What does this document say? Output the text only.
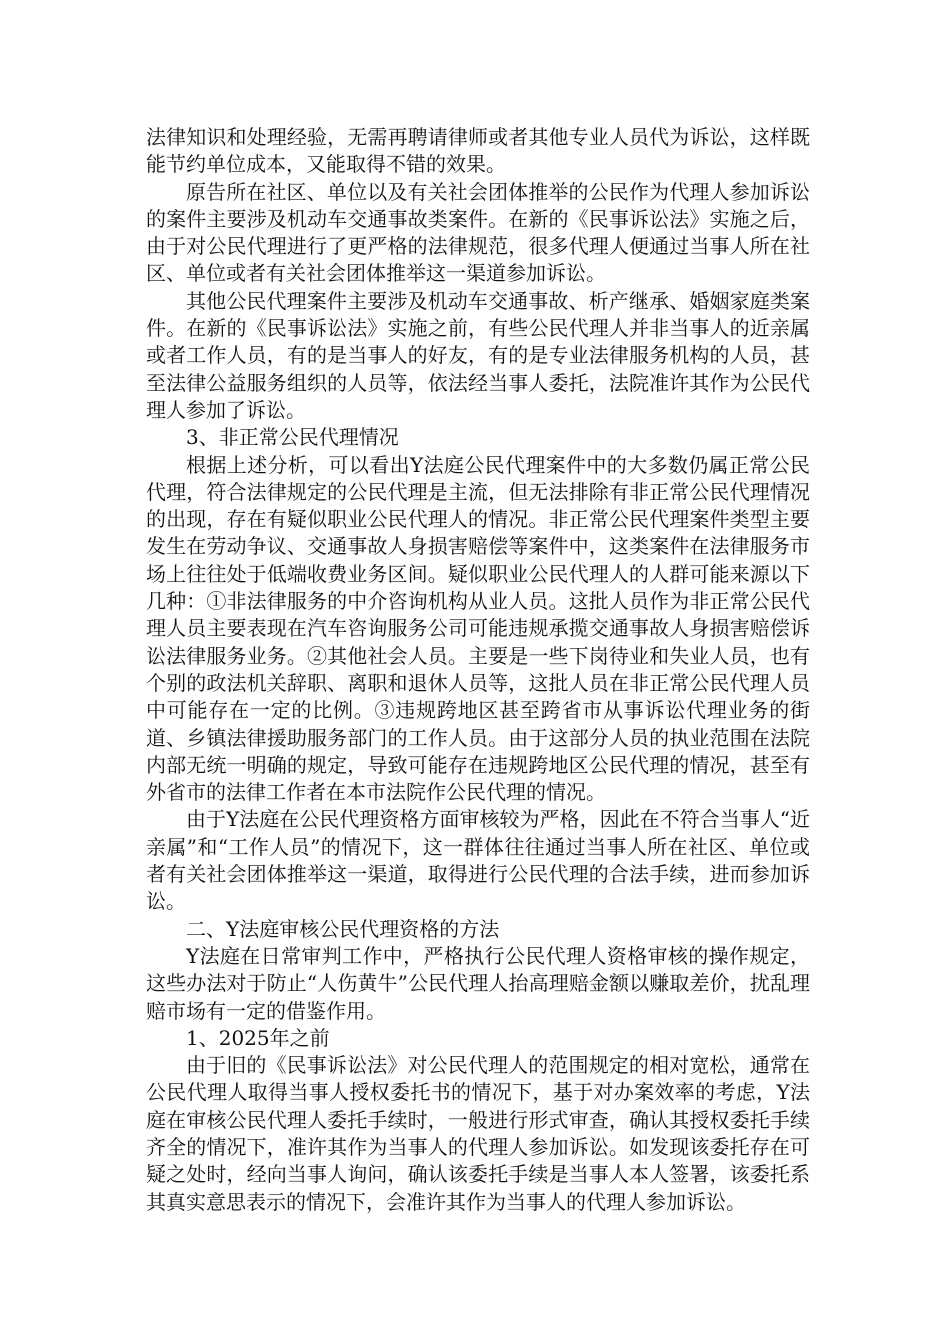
法律知识和处理经验，无需再聘请律师或者其他专业人员代为诉讼，这样既能节约单位成本，又能取得不错的效果。

原告所在社区、单位以及有关社会团体推举的公民作为代理人参加诉讼的案件主要涉及机动车交通事故类案件。在新的《民事诉讼法》实施之后，由于对公民代理进行了更严格的法律规范，很多代理人便通过当事人所在社区、单位或者有关社会团体推举这一渠道参加诉讼。

其他公民代理案件主要涉及机动车交通事故、析产继承、婚姻家庭类案件。在新的《民事诉讼法》实施之前，有些公民代理人并非当事人的近亲属或者工作人员，有的是当事人的好友，有的是专业法律服务机构的人员，甚至法律公益服务组织的人员等，依法经当事人委托，法院准许其作为公民代理人参加了诉讼。

3、非正常公民代理情况

根据上述分析，可以看出Y法庭公民代理案件中的大多数仍属正常公民代理，符合法律规定的公民代理是主流，但无法排除有非正常公民代理情况的出现，存在有疑似职业公民代理人的情况。非正常公民代理案件类型主要发生在劳动争议、交通事故人身损害赔偿等案件中，这类案件在法律服务市场上往往处于低端收费业务区间。疑似职业公民代理人的人群可能来源以下几种：①非法律服务的中介咨询机构从业人员。这批人员作为非正常公民代理人员主要表现在汽车咨询服务公司可能违规承揽交通事故人身损害赔偿诉讼法律服务业务。②其他社会人员。主要是一些下岗待业和失业人员，也有个别的政法机关辞职、离职和退休人员等，这批人员在非正常公民代理人员中可能存在一定的比例。③违规跨地区甚至跨省市从事诉讼代理业务的街道、乡镇法律援助服务部门的工作人员。由于这部分人员的执业范围在法院内部无统一明确的规定，导致可能存在违规跨地区公民代理的情况，甚至有外省市的法律工作者在本市法院作公民代理的情况。

由于Y法庭在公民代理资格方面审核较为严格，因此在不符合当事人“近亲属”和“工作人员”的情况下，这一群体往往通过当事人所在社区、单位或者有关社会团体推举这一渠道，取得进行公民代理的合法手续，进而参加诉讼。

二、Y法庭审核公民代理资格的方法

Y法庭在日常审判工作中，严格执行公民代理人资格审核的操作规定，这些办法对于防止“人伤黄牛”公民代理人抬高理赔金额以赚取差价，扰乱理赔市场有一定的借鉴作用。

1、2025年之前

由于旧的《民事诉讼法》对公民代理人的范围规定的相对宽松，通常在公民代理人取得当事人授权委托书的情况下，基于对办案效率的考虑，Y法庭在审核公民代理人委托手续时，一般进行形式审查，确认其授权委托手续齐全的情况下，准许其作为当事人的代理人参加诉讼。如发现该委托存在可疑之处时，经向当事人询问，确认该委托手续是当事人本人签署，该委托系其真实意思表示的情况下，会准许其作为当事人的代理人参加诉讼。
